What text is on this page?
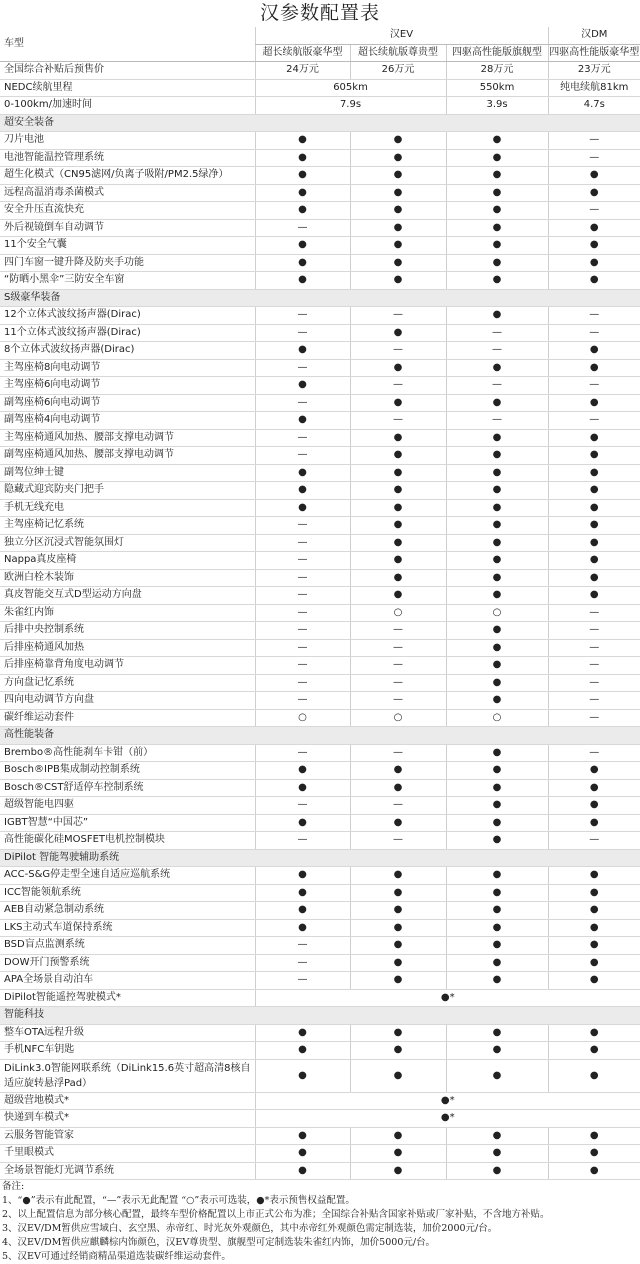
汉参数配置表
车型	汉EV			汉DM
	超长续航版豪华型	超长续航版尊贵型	四驱高性能版旗舰型	四驱高性能版豪华型
全国综合补贴后预售价	24万元	26万元	28万元	23万元
NEDC续航里程	605km		550km	纯电续航81km
0-100km/加速时间	7.9s		3.9s	4.7s
超安全装备				
刀片电池	●	●	●	—
电池智能温控管理系统	●	●	●	—
超生化模式（CN95滤网/负离子吸附/PM2.5绿净）	●	●	●	●
远程高温消毒杀菌模式	●	●	●	●
安全升压直流快充	●	●	●	—
外后视镜倒车自动调节	—	●	●	●
11个安全气囊	●	●	●	●
四门车窗一键升降及防夹手功能	●	●	●	●
“防晒小黑伞”三防安全车窗	●	●	●	●
S级豪华装备				
12个立体式波纹扬声器(Dirac)	—	—	●	—
11个立体式波纹扬声器(Dirac)	—	●	—	—
8个立体式波纹扬声器(Dirac)	●	—	—	●
主驾座椅8向电动调节	—	●	●	●
主驾座椅6向电动调节	●	—	—	—
副驾座椅6向电动调节	—	●	●	●
副驾座椅4向电动调节	●	—	—	—
主驾座椅通风加热、腰部支撑电动调节	—	●	●	●
副驾座椅通风加热、腰部支撑电动调节	—	●	●	●
副驾位绅士键	●	●	●	●
隐藏式迎宾防夹门把手	●	●	●	●
手机无线充电	●	●	●	●
主驾座椅记忆系统	—	●	●	●
独立分区沉浸式智能氛围灯	—	●	●	●
Nappa真皮座椅	—	●	●	●
欧洲白栓木装饰	—	●	●	●
真皮智能交互式D型运动方向盘	—	●	●	●
朱雀红内饰	—	○	○	—
后排中央控制系统	—	—	●	—
后排座椅通风加热	—	—	●	—
后排座椅靠背角度电动调节	—	—	●	—
方向盘记忆系统	—	—	●	—
四向电动调节方向盘	—	—	●	—
碳纤维运动套件	○	○	○	—
高性能装备				
Brembo®高性能刹车卡钳（前）	—	—	●	—
Bosch®IPB集成制动控制系统	●	●	●	●
Bosch®CST舒适停车控制系统	●	●	●	●
超级智能电四驱	—	—	●	●
IGBT智慧“中国芯”	●	●	●	●
高性能碳化硅MOSFET电机控制模块	—	—	●	—
DiPilot 智能驾驶辅助系统				
ACC-S&G停走型全速自适应巡航系统	●	●	●	●
ICC智能领航系统	●	●	●	●
AEB自动紧急制动系统	●	●	●	●
LKS主动式车道保持系统	●	●	●	●
BSD盲点监测系统	—	●	●	●
DOW开门预警系统	—	●	●	●
APA全场景自动泊车	—	●	●	●
DiPilot智能遥控驾驶模式*	●*			
智能科技				
整车OTA远程升级	●	●	●	●
手机NFC车钥匙	●	●	●	●
DiLink3.0智能网联系统（DiLink15.6英寸超高清8核自适应旋转悬浮Pad）	●	●	●	●
超级营地模式*	●*			
快递到车模式*	●*			
云服务智能管家	●	●	●	●
千里眼模式	●	●	●	●
全场景智能灯光调节系统	●	●	●	●
备注:
1、“●”表示有此配置，“—”表示无此配置 “○”表示可选装，●*表示预售权益配置。
2、以上配置信息为部分核心配置，最终车型价格配置以上市正式公布为准；全国综合补贴含国家补贴或厂家补贴，不含地方补贴。
3、汉EV/DM暂供应雪域白、玄空黑、赤帝红、时光灰外观颜色，其中赤帝红外观颜色需定制选装，加价2000元/台。
4、汉EV/DM暂供应麒麟棕内饰颜色，汉EV尊贵型、旗舰型可定制选装朱雀红内饰，加价5000元/台。
5、汉EV可通过经销商精品渠道选装碳纤维运动套件。
